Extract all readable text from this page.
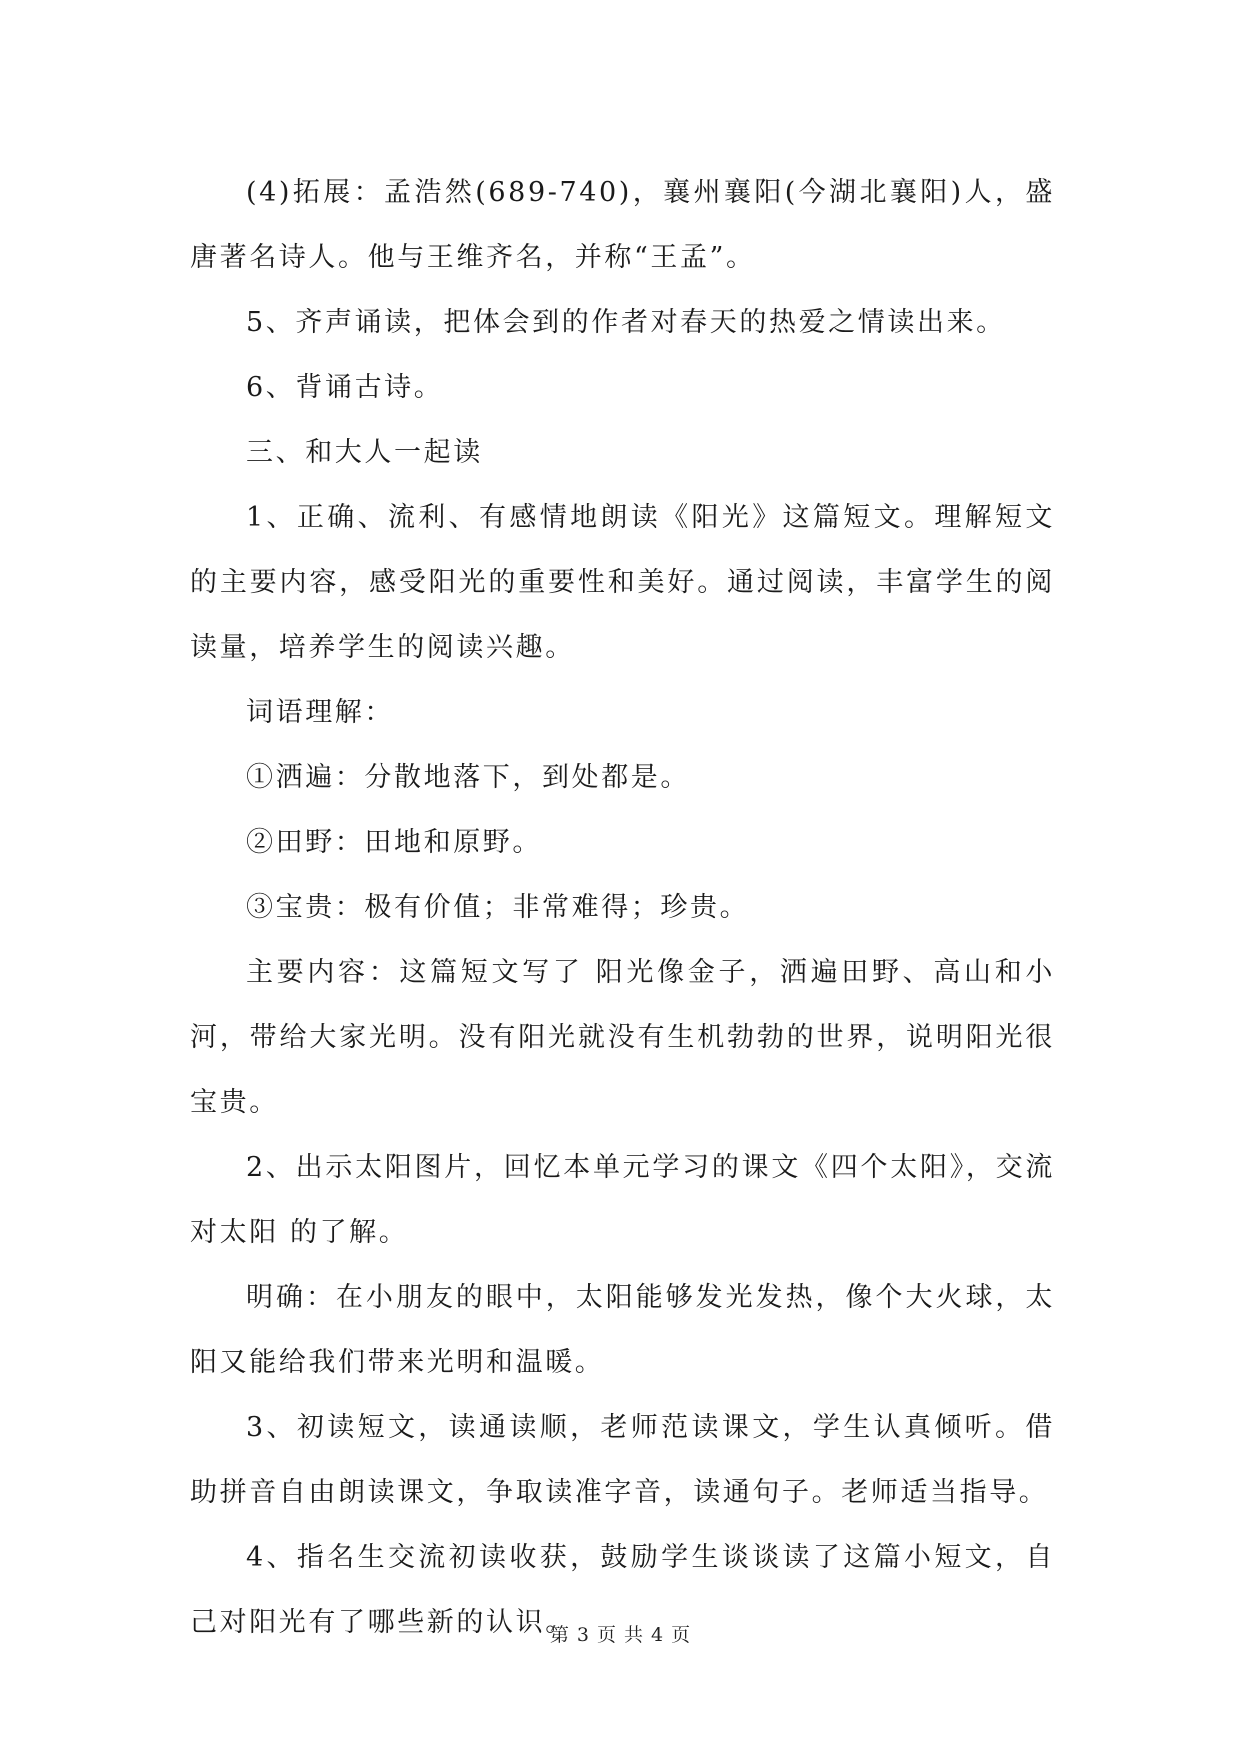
(4)拓展：孟浩然(689-740)，襄州襄阳(今湖北襄阳)人，盛唐著名诗人。他与王维齐名，并称“王孟”。

5、齐声诵读，把体会到的作者对春天的热爱之情读出来。

6、背诵古诗。

三、和大人一起读

1、正确、流利、有感情地朗读《阳光》这篇短文。理解短文的主要内容，感受阳光的重要性和美好。通过阅读，丰富学生的阅读量，培养学生的阅读兴趣。

词语理解：

①洒遍：分散地落下，到处都是。

②田野：田地和原野。

③宝贵：极有价值；非常难得；珍贵。

主要内容：这篇短文写了 阳光像金子，洒遍田野、高山和小河，带给大家光明。没有阳光就没有生机勃勃的世界，说明阳光很宝贵。

2、出示太阳图片，回忆本单元学习的课文《四个太阳》，交流对太阳 的了解。

明确：在小朋友的眼中，太阳能够发光发热，像个大火球，太阳又能给我们带来光明和温暖。

3、初读短文，读通读顺，老师范读课文，学生认真倾听。借助拼音自由朗读课文，争取读准字音，读通句子。老师适当指导。

4、指名生交流初读收获，鼓励学生谈谈读了这篇小短文，自己对阳光有了哪些新的认识。

第 3 页 共 4 页
